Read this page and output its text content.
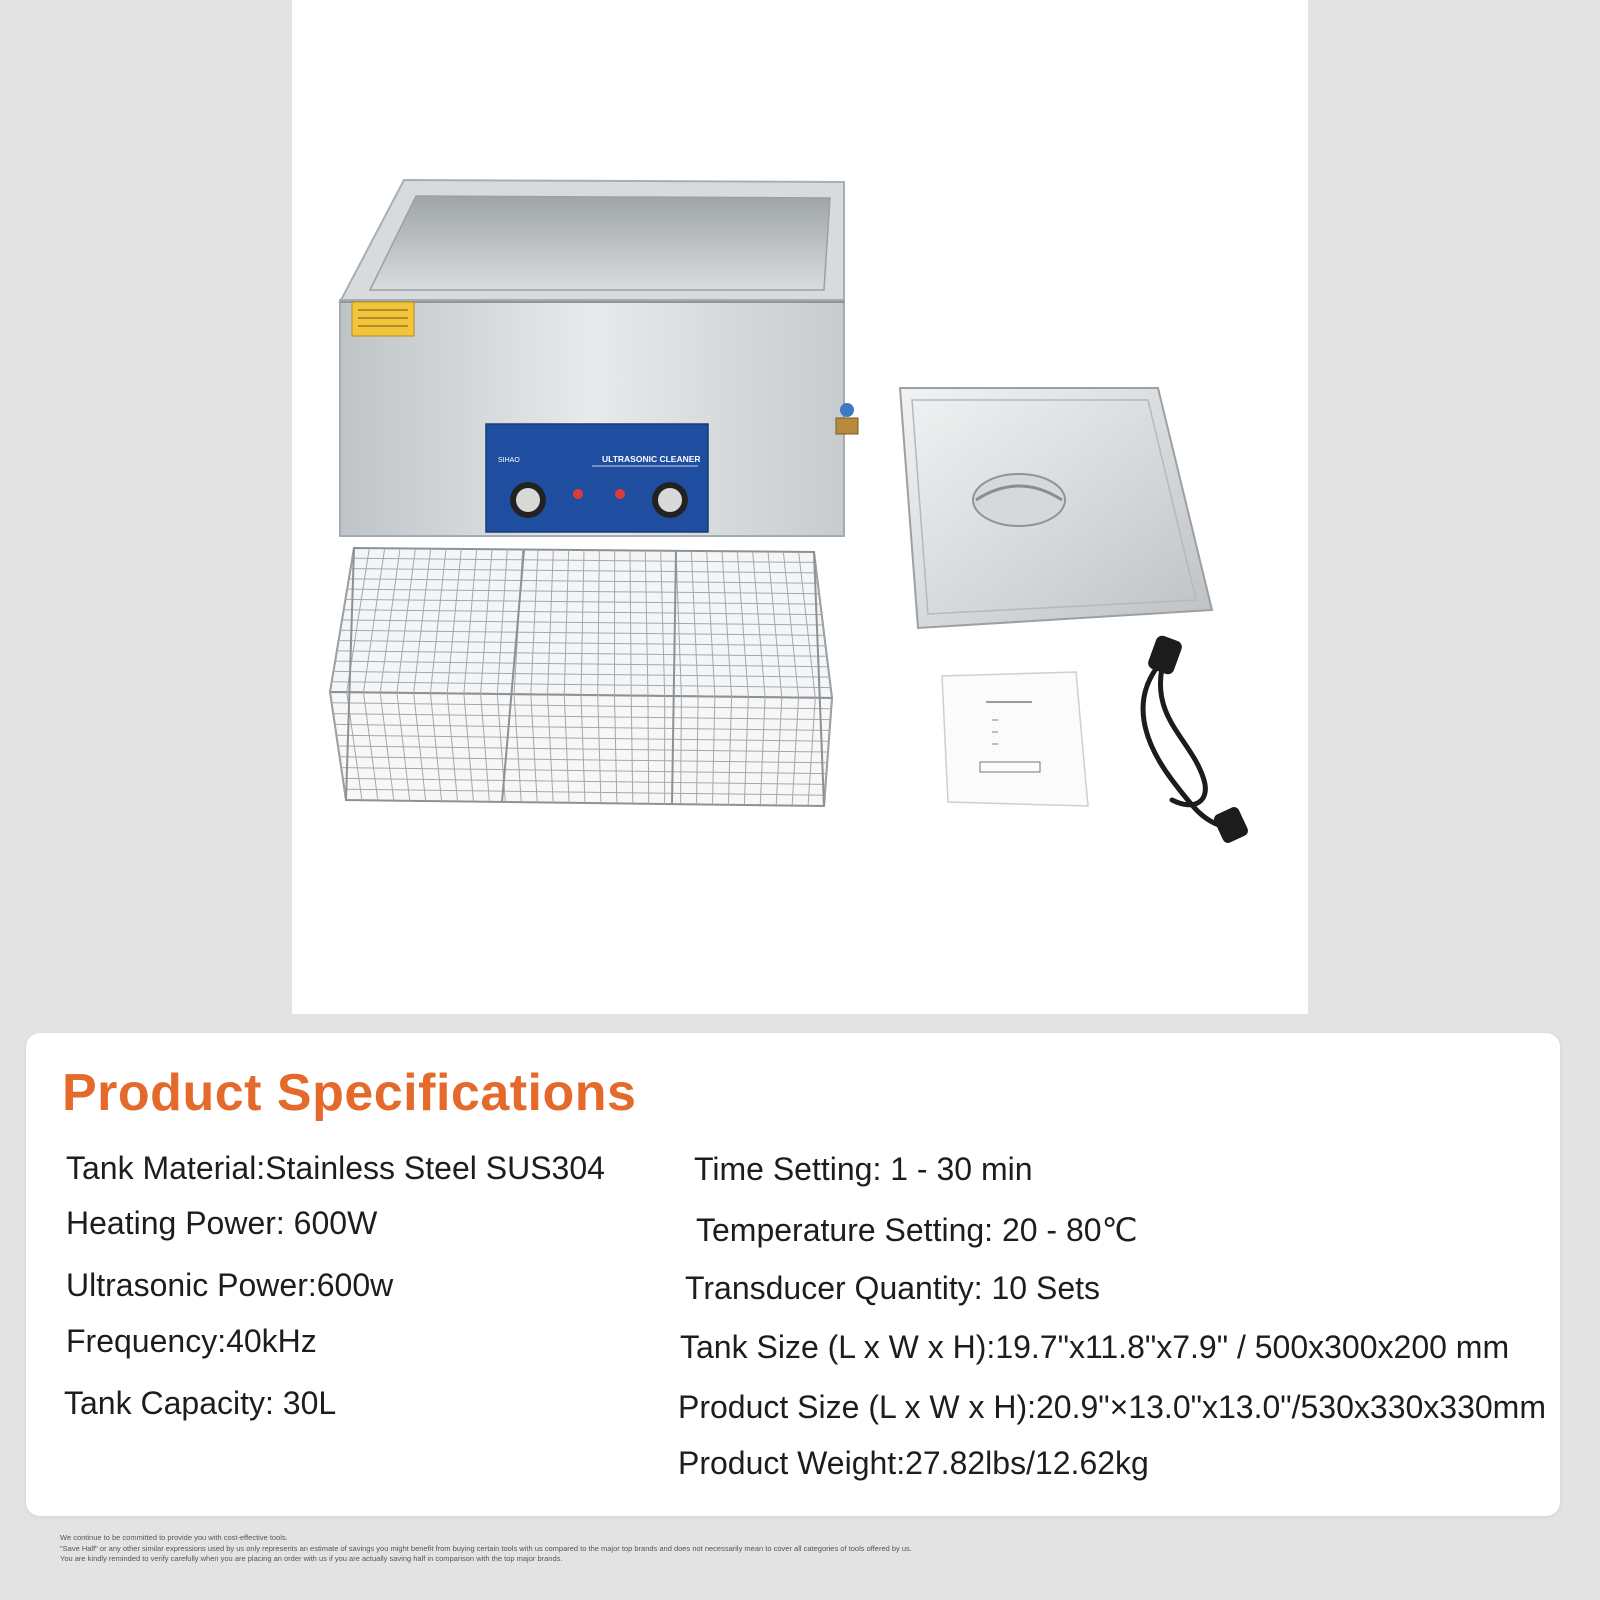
SIHAO	ULTRASONIC CLEANER
Product Specifications

Tank Material:Stainless Steel SUS304

Heating Power: 600W

Ultrasonic Power:600w

Frequency:40kHz

Tank Capacity: 30L

Time Setting: 1 - 30 min

Temperature Setting: 20 - 80℃

Transducer Quantity: 10 Sets

Tank Size (L x W x H):19.7"x11.8"x7.9" / 500x300x200 mm

Product Size (L x W x H):20.9"×13.0"x13.0"/530x330x330mm

Product Weight:27.82lbs/12.62kg

We continue to be committed to provide you with cost-effective tools.
"Save Half" or any other similar expressions used by us only represents an estimate of savings you might benefit from buying certain tools with us compared to the major top brands and does not necessarily mean to cover all categories of tools offered by us.
You are kindly reminded to verify carefully when you are placing an order with us if you are actually saving half in comparison with the top major brands.
